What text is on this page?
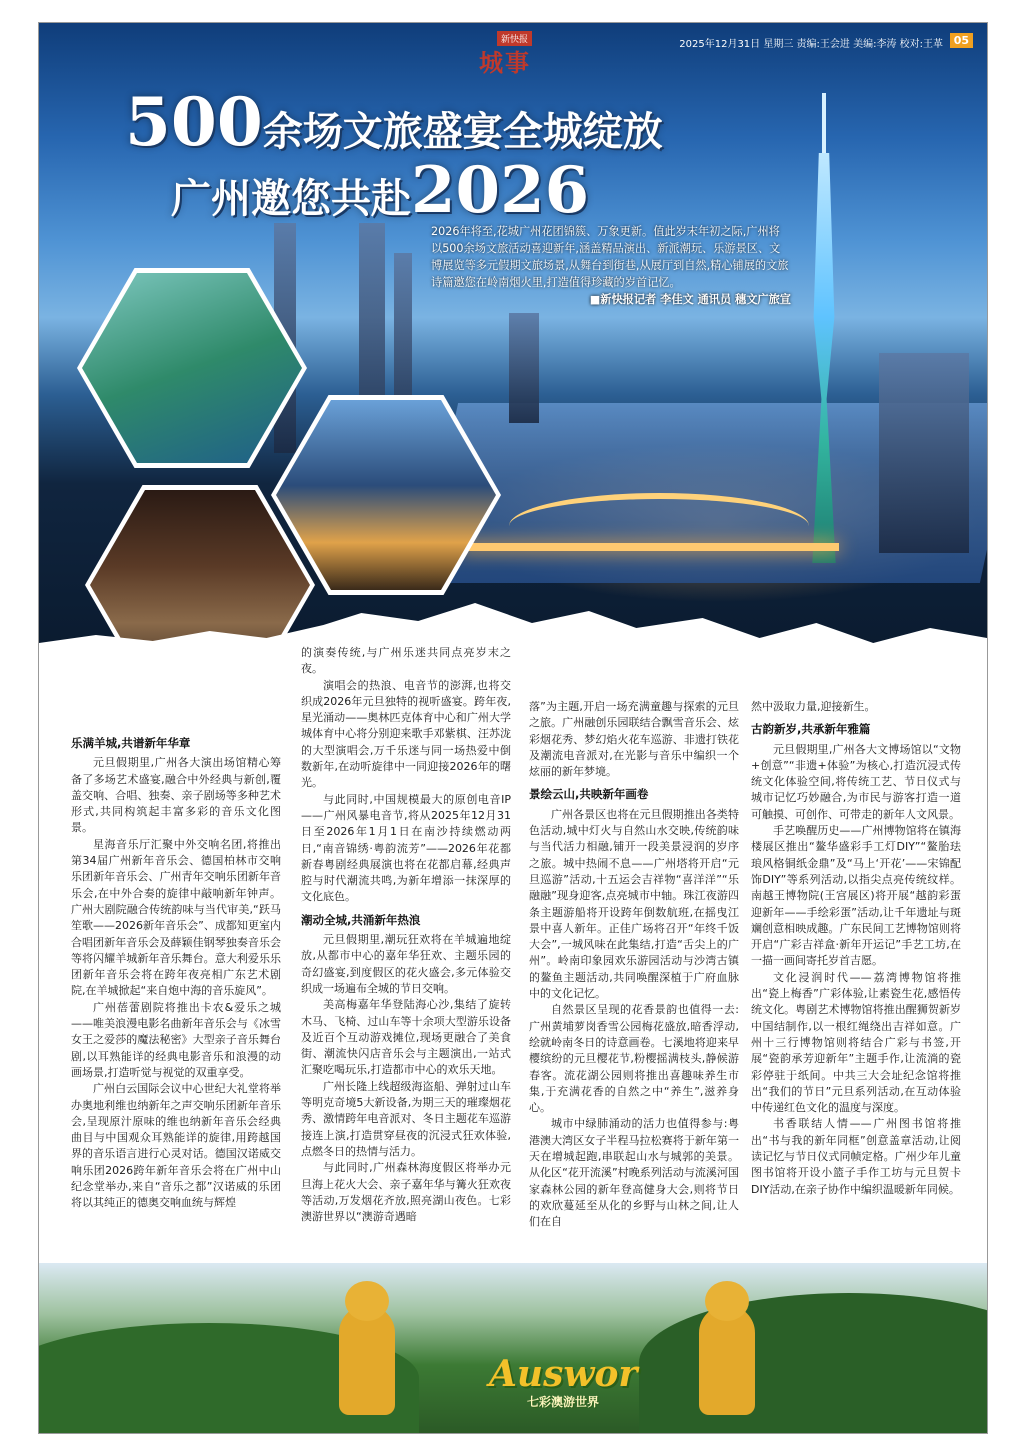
新快报
城事
2025年12月31日 星期三 责编:王会进 美编:李涛 校对:王革 05
500余场文旅盛宴全城绽放
广州邀您共赴2026
2026年将至,花城广州花团锦簇、万象更新。值此岁末年初之际,广州将以500余场文旅活动喜迎新年,涵盖精品演出、新派潮玩、乐游景区、文博展览等多元假期文旅场景,从舞台到街巷,从展厅到自然,精心铺展的文旅诗篇邀您在岭南烟火里,打造值得珍藏的岁首记忆。
■新快报记者 李佳文 通讯员 穗文广旅宣
乐满羊城,共谱新年华章

元旦假期里,广州各大演出场馆精心筹备了多场艺术盛宴,融合中外经典与新创,覆盖交响、合唱、独奏、亲子剧场等多种艺术形式,共同构筑起丰富多彩的音乐文化图景。

星海音乐厅汇聚中外交响名团,将推出第34届广州新年音乐会、德国柏林市交响乐团新年音乐会、广州青年交响乐团新年音乐会,在中外合奏的旋律中敲响新年钟声。广州大剧院融合传统韵味与当代审美,“跃马笙歌——2026新年音乐会”、成都知更室内合唱团新年音乐会及薛颖佳钢琴独奏音乐会等将闪耀羊城新年音乐舞台。意大利爱乐乐团新年音乐会将在跨年夜亮相广东艺术剧院,在羊城掀起“来自炮中海的音乐旋风”。

广州蓓蕾剧院将推出卡农&爱乐之城——唯美浪漫电影名曲新年音乐会与《冰雪女王之爱莎的魔法秘密》大型亲子音乐舞台剧,以耳熟能详的经典电影音乐和浪漫的动画场景,打造听觉与视觉的双重享受。

广州白云国际会议中心世纪大礼堂将举办奥地利维也纳新年之声交响乐团新年音乐会,呈现原汁原味的维也纳新年音乐会经典曲目与中国观众耳熟能详的旋律,用跨越国界的音乐语言进行心灵对话。德国汉诺威交响乐团2026跨年新年音乐会将在广州中山纪念堂举办,来自“音乐之都”汉诺威的乐团将以其纯正的德奥交响血统与辉煌

的演奏传统,与广州乐迷共同点亮岁末之夜。

演唱会的热浪、电音节的澎湃,也将交织成2026年元旦独特的视听盛宴。跨年夜,星光涌动——奥林匹克体育中心和广州大学城体育中心将分别迎来歌手邓紫棋、汪苏泷的大型演唱会,万千乐迷与同一场热爱中倒数新年,在动听旋律中一同迎接2026年的曙光。

与此同时,中国规模最大的原创电音IP——广州风暴电音节,将从2025年12月31日至2026年1月1日在南沙持续燃动两日,“南音锦绣·粤韵流芳”——2026年花都新春粤剧经典展演也将在花都启幕,经典声腔与时代潮流共鸣,为新年增添一抹深厚的文化底色。

潮动全城,共涌新年热浪

元旦假期里,潮玩狂欢将在羊城遍地绽放,从都市中心的嘉年华狂欢、主题乐园的奇幻盛宴,到度假区的花火盛会,多元体验交织成一场遍布全城的节日交响。

美高梅嘉年华登陆海心沙,集结了旋转木马、飞椅、过山车等十余项大型游乐设备及近百个互动游戏摊位,现场更融合了美食街、潮流快闪店音乐会与主题演出,一站式汇聚吃喝玩乐,打造都市中心的欢乐天地。

广州长隆上线超级海盗船、弹射过山车等明克奇境5大新设备,为期三天的璀璨烟花秀、激情跨年电音派对、冬日主题花车巡游接连上演,打造贯穿昼夜的沉浸式狂欢体验,点燃冬日的热情与活力。

与此同时,广州森林海度假区将举办元旦海上花火大会、亲子嘉年华与篝火狂欢夜等活动,万发烟花齐放,照亮湖山夜色。七彩澳游世界以“澳游奇遇暗

落”为主题,开启一场充满童趣与探索的元旦之旅。广州融创乐园联结合飘雪音乐会、炫彩烟花秀、梦幻焰火花车巡游、非遗打铁花及潮流电音派对,在光影与音乐中编织一个炫丽的新年梦境。

景绘云山,共映新年画卷

广州各景区也将在元旦假期推出各类特色活动,城中灯火与自然山水交映,传统韵味与当代活力相融,铺开一段美景浸润的岁序之旅。城中热闹不息——广州塔将开启“元旦巡游”活动,十五运会吉祥物“喜洋洋”“乐融融”现身迎客,点亮城市中轴。珠江夜游四条主题游船将开设跨年倒数航班,在摇曳江景中喜人新年。正佳广场将召开“年终千饭大会”,一城风味在此集结,打造“舌尖上的广州”。岭南印象园欢乐游园活动与沙湾古镇的鳌鱼主题活动,共同唤醒深植于广府血脉中的文化记忆。

自然景区呈现的花香景韵也值得一去:广州黄埔萝岗香雪公园梅花盛放,暗香浮动,绘就岭南冬日的诗意画卷。七溪地将迎来早樱缤纷的元旦樱花节,粉樱摇满枝头,静候游春客。流花湖公园则将推出喜趣味养生市集,于充满花香的自然之中“养生”,滋养身心。

城市中绿肺涌动的活力也值得参与:粤港澳大湾区女子半程马拉松赛将于新年第一天在增城起跑,串联起山水与城郭的美景。从化区“花开流溪”村晚系列活动与流溪河国家森林公园的新年登高健身大会,则将节日的欢欣蔓延至从化的乡野与山林之间,让人们在自

然中汲取力量,迎接新生。

古韵新岁,共承新年雅篇

元旦假期里,广州各大文博场馆以“文物+创意”“非遗+体验”为核心,打造沉浸式传统文化体验空间,将传统工艺、节日仪式与城市记忆巧妙融合,为市民与游客打造一道可触摸、可创作、可带走的新年人文风景。

手艺唤醒历史——广州博物馆将在镇海楼展区推出“鳌华盛彩手工灯DIY”“鳌胎珐琅风格铜纸金鼎”及“马上‘开花’——宋锦配饰DIY”等系列活动,以指尖点亮传统纹样。南越王博物院(王宫展区)将开展“越韵彩蛋迎新年——手绘彩蛋”活动,让千年遗址与斑斓创意相映成趣。广东民间工艺博物馆则将开启“广彩吉祥盒·新年开运记”手艺工坊,在一描一画间寄托岁首吉愿。

文化浸润时代——荔湾博物馆将推出“瓷上梅香”广彩体验,让素瓷生花,感悟传统文化。粤剧艺术博物馆将推出醒狮贺新岁中国结制作,以一根红绳绕出吉祥如意。广州十三行博物馆则将结合广彩与书签,开展“瓷韵承芳迎新年”主题手作,让流淌的瓷彩停驻于纸间。中共三大会址纪念馆将推出“我们的节日”元旦系列活动,在互动体验中传递红色文化的温度与深度。

书香联结人情——广州图书馆将推出“书与我的新年同框”创意盖章活动,让阅读记忆与节日仪式同帧定格。广州少年儿童图书馆将开设小篮子手作工坊与元旦贺卡DIY活动,在亲子协作中编织温暖新年同候。

Auswor
七彩澳游世界
